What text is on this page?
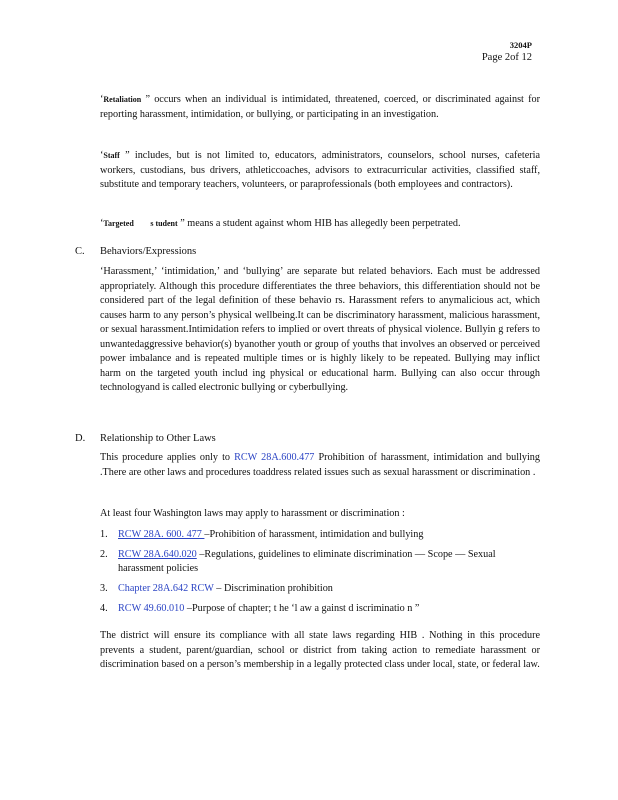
3204P
Page 2of 12
‘Retaliation ” occurs when an individual is intimidated, threatened, coerced, or discriminated against for reporting harassment, intimidation, or bullying, or participating in an investigation.
‘Staff ” includes, but is not limited to, educators, administrators, counselors, school nurses, cafeteria workers, custodians, bus drivers, athleticcoaches, advisors to extracurricular activities, classified staff, substitute and temporary teachers, volunteers, or paraprofessionals (both employees and contractors).
‘Targeted s tudent ” means a student against whom HIB has allegedly been perpetrated.
C. Behaviors/Expressions
‘Harassment,’ ‘intimidation,’ and ‘bullying’ are separate but related behaviors. Each must be addressed appropriately. Although this procedure differentiates the three behaviors, this differentiation should not be considered part of the legal definition of these behavio rs. Harassment refers to anymalicious act, which causes harm to any person’s physical wellbeing.It can be discriminatory harassment, malicious harassment, or sexual harassment.Intimidation refers to implied or overt threats of physical violence. Bullyin g refers to unwantedaggressive behavior(s) byanother youth or group of youths that involves an observed or perceived power imbalance and is repeated multiple times or is highly likely to be repeated. Bullying may inflict harm on the targeted youth includ ing physical or educational harm. Bullying can also occur through technologyand is called electronic bullying or cyberbullying.
D. Relationship to Other Laws
This procedure applies only to RCW 28A.600.477 Prohibition of harassment, intimidation and bullying .There are other laws and procedures toaddress related issues such as sexual harassment or discrimination .
At least four Washington laws may apply to harassment or discrimination :
1. RCW 28A. 600. 477 –Prohibition of harassment, intimidation and bullying
2. RCW 28A.640.020 –Regulations, guidelines to eliminate discrimination — Scope — Sexual harassment policies
3. Chapter 28A.642 RCW – Discrimination prohibition
4. RCW 49.60.010 –Purpose of chapter; t he ‘l aw a gainst d iscriminatio n ”
The district will ensure its compliance with all state laws regarding HIB . Nothing in this procedure prevents a student, parent/guardian, school or district from taking action to remediate harassment or discrimination based on a person’s membership in a legally protected class under local, state, or federal law.
